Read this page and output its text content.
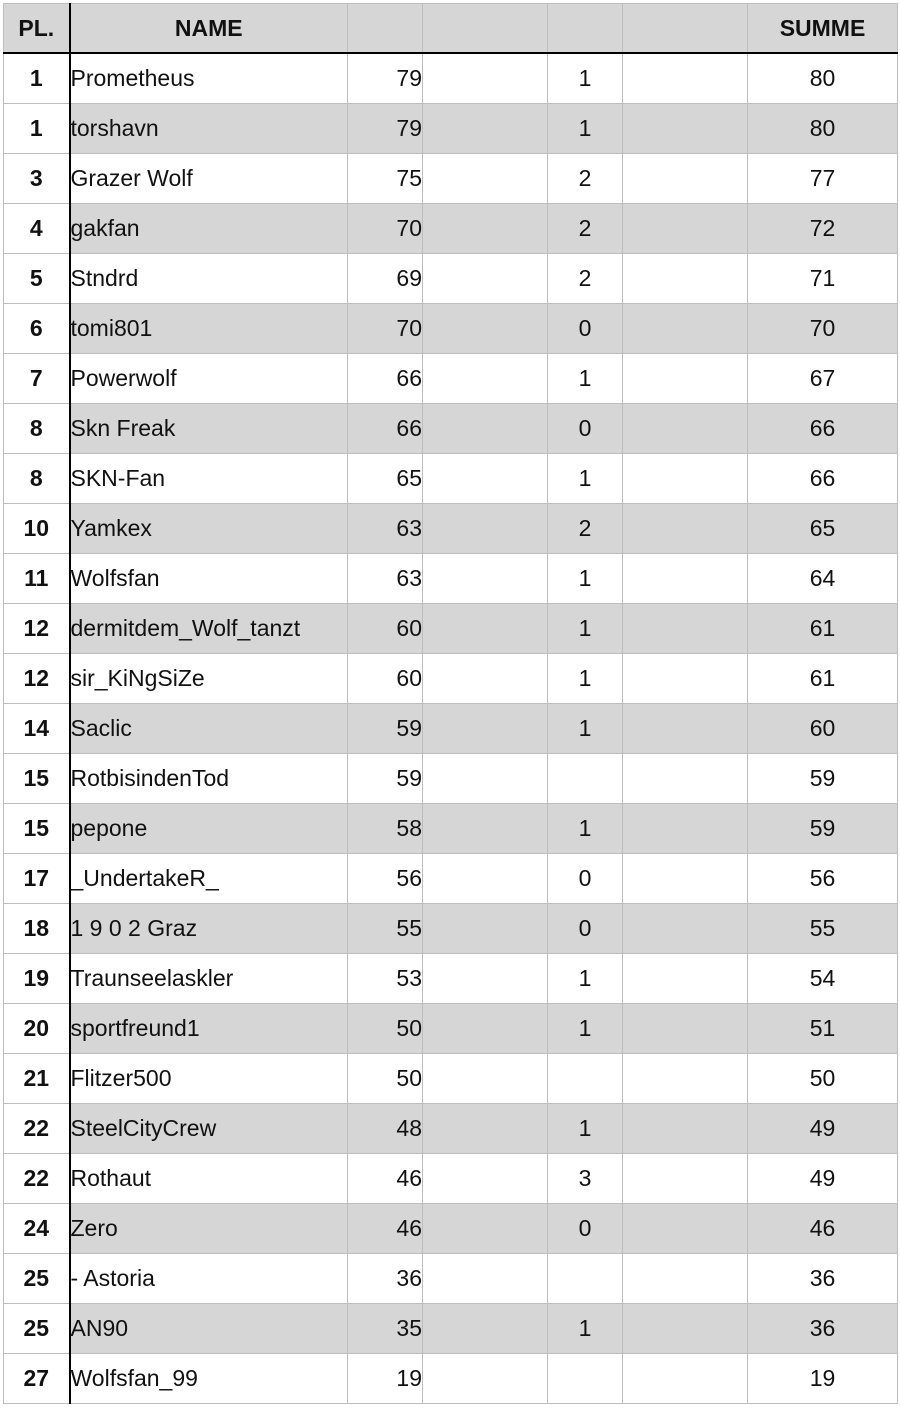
PL.	NAME					SUMME
1	Prometheus	79		1		80
1	torshavn	79		1		80
3	Grazer Wolf	75		2		77
4	gakfan	70		2		72
5	Stndrd	69		2		71
6	tomi801	70		0		70
7	Powerwolf	66		1		67
8	Skn Freak	66		0		66
8	SKN-Fan	65		1		66
10	Yamkex	63		2		65
11	Wolfsfan	63		1		64
12	dermitdem_Wolf_tanzt	60		1		61
12	sir_KiNgSiZe	60		1		61
14	Saclic	59		1		60
15	RotbisindenTod	59				59
15	pepone	58		1		59
17	_UndertakeR_	56		0		56
18	1 9 0 2 Graz	55		0		55
19	Traunseelaskler	53		1		54
20	sportfreund1	50		1		51
21	Flitzer500	50				50
22	SteelCityCrew	48		1		49
22	Rothaut	46		3		49
24	Zero	46		0		46
25	- Astoria	36				36
25	AN90	35		1		36
27	Wolfsfan_99	19				19
